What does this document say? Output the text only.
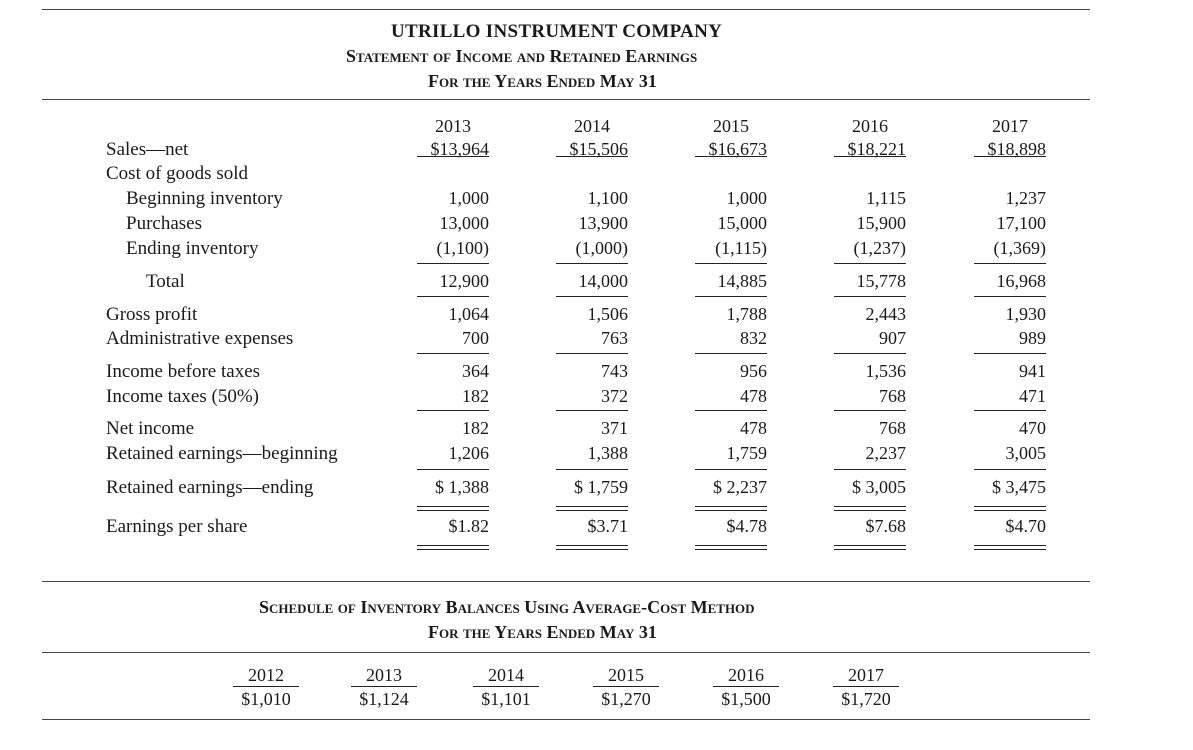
UTRILLO INSTRUMENT COMPANY
Statement of Income and Retained Earnings
For the Years Ended May 31
Sales—net
Cost of goods sold
Beginning inventory
Purchases
Ending inventory
Total
Gross profit
Administrative expenses
Income before taxes
Income taxes (50%)
Net income
Retained earnings—beginning
Retained earnings—ending
Earnings per share
2013
$13,964
1,000
13,000
(1,100)
12,900
1,064
700
364
182
182
1,206
$ 1,388
$1.82
2014
$15,506
1,100
13,900
(1,000)
14,000
1,506
763
743
372
371
1,388
$ 1,759
$3.71
2015
$16,673
1,000
15,000
(1,115)
14,885
1,788
832
956
478
478
1,759
$ 2,237
$4.78
2016
$18,221
1,115
15,900
(1,237)
15,778
2,443
907
1,536
768
768
2,237
$ 3,005
$7.68
2017
$18,898
1,237
17,100
(1,369)
16,968
1,930
989
941
471
470
3,005
$ 3,475
$4.70
Schedule of Inventory Balances Using Average-Cost Method
For the Years Ended May 31
2012
$1,010
2013
$1,124
2014
$1,101
2015
$1,270
2016
$1,500
2017
$1,720
